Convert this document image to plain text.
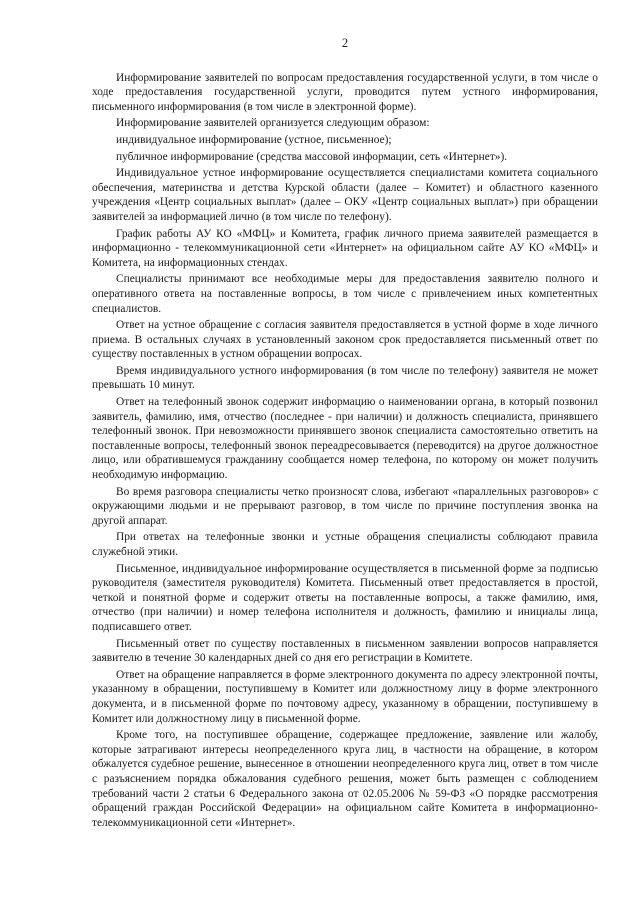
2

Информирование заявителей по вопросам предоставления государственной услуги, в том числе о ходе предоставления государственной услуги, проводится путем устного информирования, письменного информирования (в том числе в электронной форме).

Информирование заявителей организуется следующим образом:

индивидуальное информирование (устное, письменное);

публичное информирование (средства массовой информации, сеть «Интернет»).

Индивидуальное устное информирование осуществляется специалистами комитета социального обеспечения, материнства и детства Курской области (далее – Комитет) и областного казенного учреждения «Центр социальных выплат» (далее – ОКУ «Центр социальных выплат») при обращении заявителей за информацией лично (в том числе по телефону).

График работы АУ КО «МФЦ» и Комитета, график личного приема заявителей размещается в информационно - телекоммуникационной сети «Интернет» на официальном сайте АУ КО «МФЦ» и Комитета, на информационных стендах.

Специалисты принимают все необходимые меры для предоставления заявителю полного и оперативного ответа на поставленные вопросы, в том числе с привлечением иных компетентных специалистов.

Ответ на устное обращение с согласия заявителя предоставляется в устной форме в ходе личного приема. В остальных случаях в установленный законом срок предоставляется письменный ответ по существу поставленных в устном обращении вопросах.

Время индивидуального устного информирования (в том числе по телефону) заявителя не может превышать 10 минут.

Ответ на телефонный звонок содержит информацию о наименовании органа, в который позвонил заявитель, фамилию, имя, отчество (последнее - при наличии) и должность специалиста, принявшего телефонный звонок. При невозможности принявшего звонок специалиста самостоятельно ответить на поставленные вопросы, телефонный звонок переадресовывается (переводится) на другое должностное лицо, или обратившемуся гражданину сообщается номер телефона, по которому он может получить необходимую информацию.

Во время разговора специалисты четко произносят слова, избегают «параллельных разговоров» с окружающими людьми и не прерывают разговор, в том числе по причине поступления звонка на другой аппарат.

При ответах на телефонные звонки и устные обращения специалисты соблюдают правила служебной этики.

Письменное, индивидуальное информирование осуществляется в письменной форме за подписью руководителя (заместителя руководителя) Комитета. Письменный ответ предоставляется в простой, четкой и понятной форме и содержит ответы на поставленные вопросы, а также фамилию, имя, отчество (при наличии) и номер телефона исполнителя и должность, фамилию и инициалы лица, подписавшего ответ.

Письменный ответ по существу поставленных в письменном заявлении вопросов направляется заявителю в течение 30 календарных дней со дня его регистрации в Комитете.

Ответ на обращение направляется в форме электронного документа по адресу электронной почты, указанному в обращении, поступившему в Комитет или должностному лицу в форме электронного документа, и в письменной форме по почтовому адресу, указанному в обращении, поступившему в Комитет или должностному лицу в письменной форме.

Кроме того, на поступившее обращение, содержащее предложение, заявление или жалобу, которые затрагивают интересы неопределенного круга лиц, в частности на обращение, в котором обжалуется судебное решение, вынесенное в отношении неопределенного круга лиц, ответ в том числе с разъяснением порядка обжалования судебного решения, может быть размещен с соблюдением требований части 2 статьи 6 Федерального закона от 02.05.2006 № 59-ФЗ «О порядке рассмотрения обращений граждан Российской Федерации» на официальном сайте Комитета в информационно-телекоммуникационной сети «Интернет».
